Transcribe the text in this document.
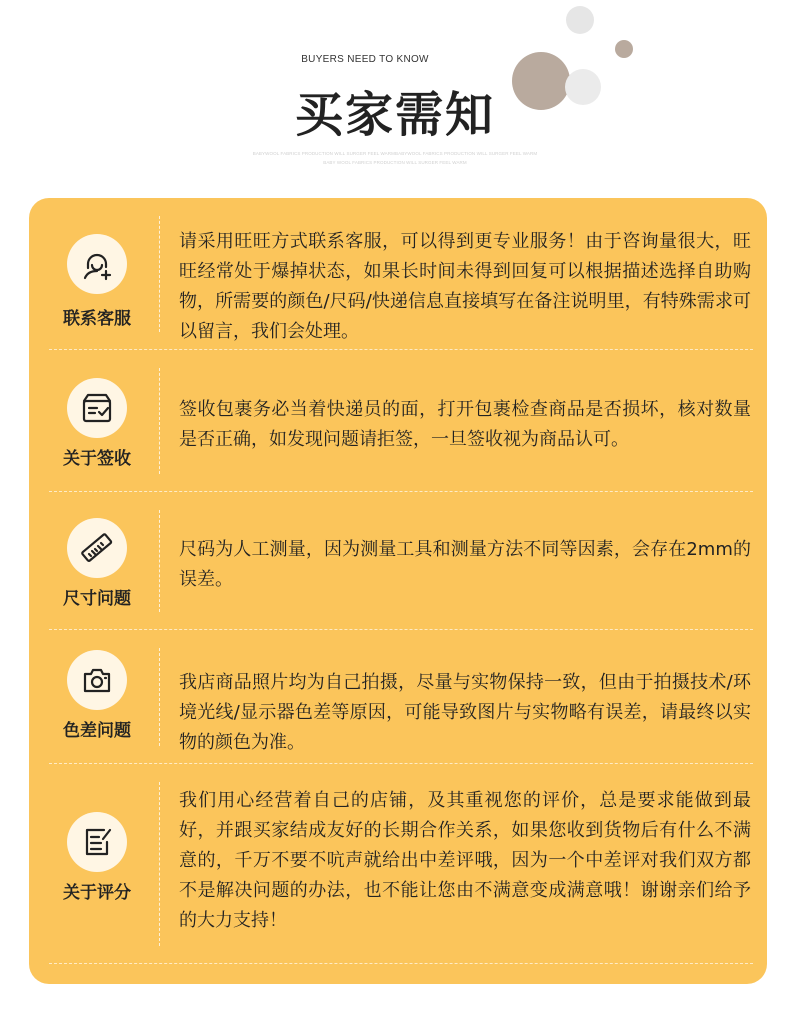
BUYERS NEED TO KNOW
买家需知
BABYWOOL FABRICS PRODUCTION WILL SURGER FEEL WARMBABYWOOL FABRICS PRODUCTION WILL SURGER FEEL WARM
BABY WOOL FABRICS PRODUCTION WILL SURGER FEEL WARM
联系客服
请采用旺旺方式联系客服，可以得到更专业服务！由于咨询量很大，旺旺经常处于爆掉状态，如果长时间未得到回复可以根据描述选择自助购物，所需要的颜色/尺码/快递信息直接填写在备注说明里，有特殊需求可以留言，我们会处理。
关于签收
签收包裹务必当着快递员的面，打开包裹检查商品是否损坏，核对数量是否正确，如发现问题请拒签，一旦签收视为商品认可。
尺寸问题
尺码为人工测量，因为测量工具和测量方法不同等因素，会存在2mm的误差。
色差问题
我店商品照片均为自己拍摄，尽量与实物保持一致，但由于拍摄技术/环境光线/显示器色差等原因，可能导致图片与实物略有误差，请最终以实物的颜色为准。
关于评分
我们用心经营着自己的店铺，及其重视您的评价，总是要求能做到最好，并跟买家结成友好的长期合作关系，如果您收到货物后有什么不满意的，千万不要不吭声就给出中差评哦，因为一个中差评对我们双方都不是解决问题的办法，也不能让您由不满意变成满意哦！谢谢亲们给予的大力支持！
